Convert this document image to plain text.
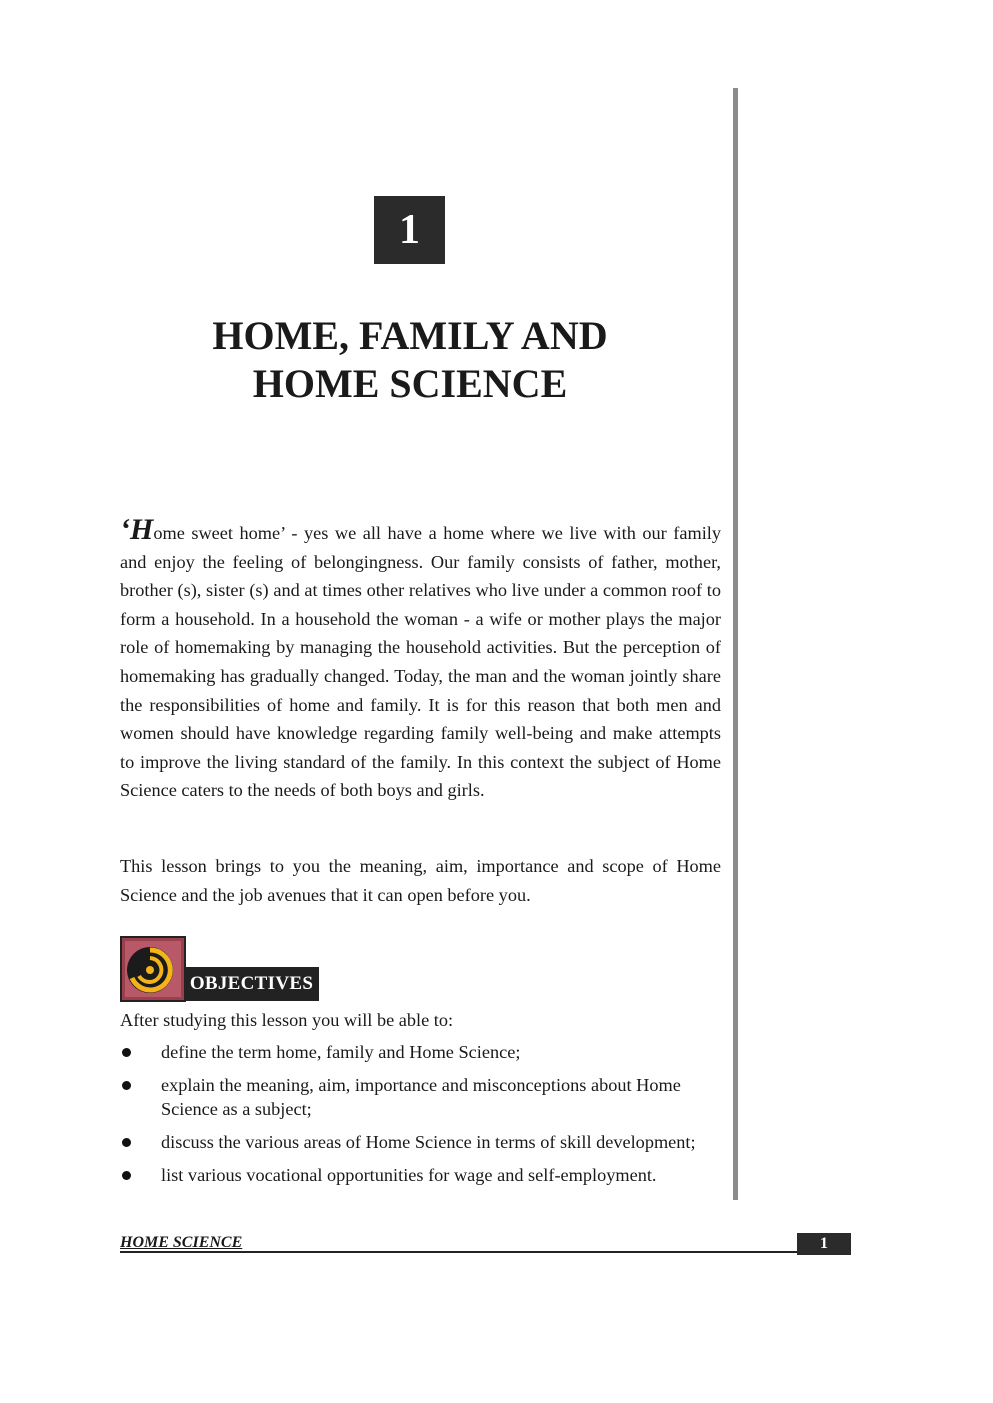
1
HOME, FAMILY AND
HOME SCIENCE

‘Home sweet home’ - yes we all have a home where we live with our family and enjoy the feeling of belongingness. Our family consists of father, mother, brother (s), sister (s) and at times other relatives who live under a common roof to form a household. In a household the woman - a wife or mother plays the major role of homemaking by managing the household activities. But the perception of homemaking has gradually changed. Today, the man and the woman jointly share the responsibilities of home and family. It is for this reason that both men and women should have knowledge regarding family well-being and make attempts to improve the living standard of the family. In this context the subject of Home Science caters to the needs of both boys and girls.

This lesson brings to you the meaning, aim, importance and scope of Home Science and the job avenues that it can open before you.

OBJECTIVES

After studying this lesson you will be able to:

define the term home, family and Home Science;
explain the meaning, aim, importance and misconceptions about Home Science as a subject;
discuss the various areas of Home Science in terms of skill development;
list various vocational opportunities for wage and self-employment.
HOME SCIENCE	1
